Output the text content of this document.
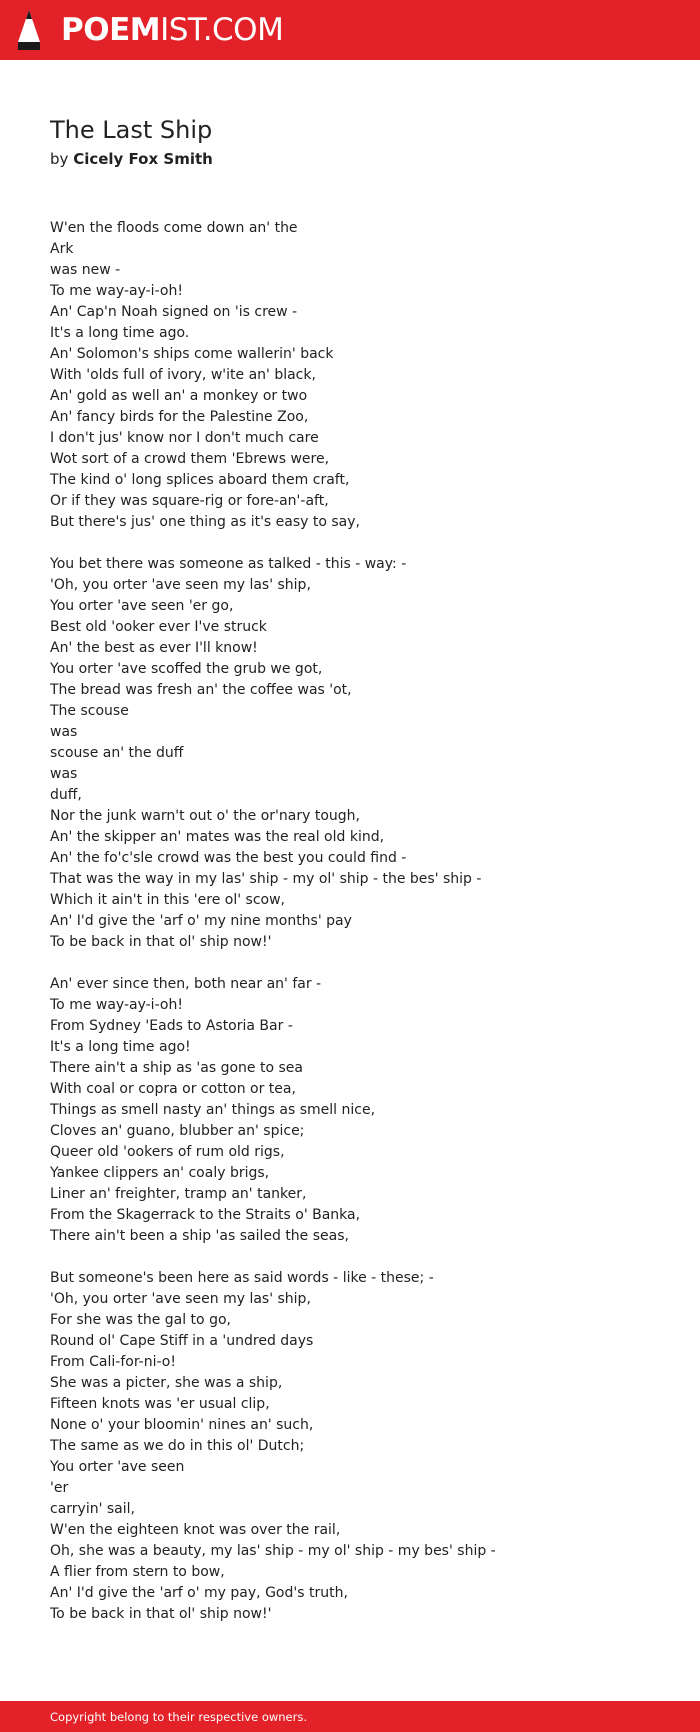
POEMIST.COM
The Last Ship
by Cicely Fox Smith
W'en the floods come down an' the
Ark
was new -
To me way-ay-i-oh!
An' Cap'n Noah signed on 'is crew -
It's a long time ago.
An' Solomon's ships come wallerin' back
With 'olds full of ivory, w'ite an' black,
An' gold as well an' a monkey or two
An' fancy birds for the Palestine Zoo,
I don't jus' know nor I don't much care
Wot sort of a crowd them 'Ebrews were,
The kind o' long splices aboard them craft,
Or if they was square-rig or fore-an'-aft,
But there's jus' one thing as it's easy to say,
You bet there was someone as talked - this - way: -
'Oh, you orter 'ave seen my las' ship,
You orter 'ave seen 'er go,
Best old 'ooker ever I've struck
An' the best as ever I'll know!
You orter 'ave scoffed the grub we got,
The bread was fresh an' the coffee was 'ot,
The scouse
was
scouse an' the duff
was
duff,
Nor the junk warn't out o' the or'nary tough,
An' the skipper an' mates was the real old kind,
An' the fo'c'sle crowd was the best you could find -
That was the way in my las' ship - my ol' ship - the bes' ship -
Which it ain't in this 'ere ol' scow,
An' I'd give the 'arf o' my nine months' pay
To be back in that ol' ship now!'
An' ever since then, both near an' far -
To me way-ay-i-oh!
From Sydney 'Eads to Astoria Bar -
It's a long time ago!
There ain't a ship as 'as gone to sea
With coal or copra or cotton or tea,
Things as smell nasty an' things as smell nice,
Cloves an' guano, blubber an' spice;
Queer old 'ookers of rum old rigs,
Yankee clippers an' coaly brigs,
Liner an' freighter, tramp an' tanker,
From the Skagerrack to the Straits o' Banka,
There ain't been a ship 'as sailed the seas,
But someone's been here as said words - like - these; -
'Oh, you orter 'ave seen my las' ship,
For she was the gal to go,
Round ol' Cape Stiff in a 'undred days
From Cali-for-ni-o!
She was a picter, she was a ship,
Fifteen knots was 'er usual clip,
None o' your bloomin' nines an' such,
The same as we do in this ol' Dutch;
You orter 'ave seen
'er
carryin' sail,
W'en the eighteen knot was over the rail,
Oh, she was a beauty, my las' ship - my ol' ship - my bes' ship -
A flier from stern to bow,
An' I'd give the 'arf o' my pay, God's truth,
To be back in that ol' ship now!'
Copyright belong to their respective owners.
